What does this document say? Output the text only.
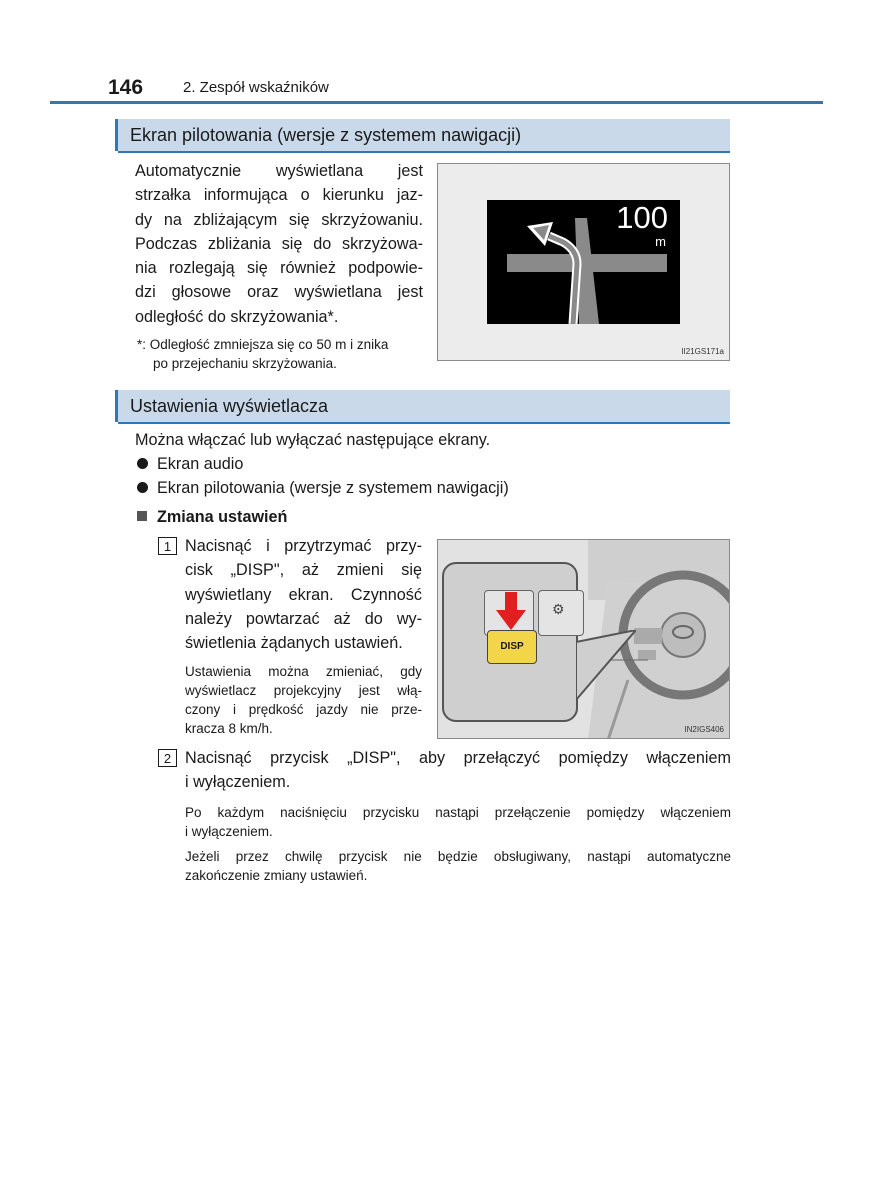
146	2. Zespół wskaźników
Ekran pilotowania (wersje z systemem nawigacji)
Automatycznie wyświetlana jest
strzałka informująca o kierunku jaz-
dy na zbliżającym się skrzyżowaniu.
Podczas zbliżania się do skrzyżowa-
nia rozlegają się również podpowie-
dzi głosowe oraz wyświetlana jest
odległość do skrzyżowania*.
*: Odległość zmniejsza się co 50 m i znika
po przejechaniu skrzyżowania.
100
m
II21GS171a
Ustawienia wyświetlacza
Można włączać lub wyłączać następujące ekrany.
Ekran audio
Ekran pilotowania (wersje z systemem nawigacji)
Zmiana ustawień
1 Nacisnąć i przytrzymać przy-
cisk „DISP", aż zmieni się
wyświetlany ekran. Czynność
należy powtarzać aż do wy-
świetlenia żądanych ustawień.
Ustawienia można zmieniać, gdy
wyświetlacz projekcyjny jest włą-
czony i prędkość jazdy nie prze-
kracza 8 km/h.
⚙
DISP
IN2IGS406
2 Nacisnąć przycisk „DISP", aby przełączyć pomiędzy włączeniem
i wyłączeniem.
Po każdym naciśnięciu przycisku nastąpi przełączenie pomiędzy włączeniem
i wyłączeniem.
Jeżeli przez chwilę przycisk nie będzie obsługiwany, nastąpi automatyczne
zakończenie zmiany ustawień.
